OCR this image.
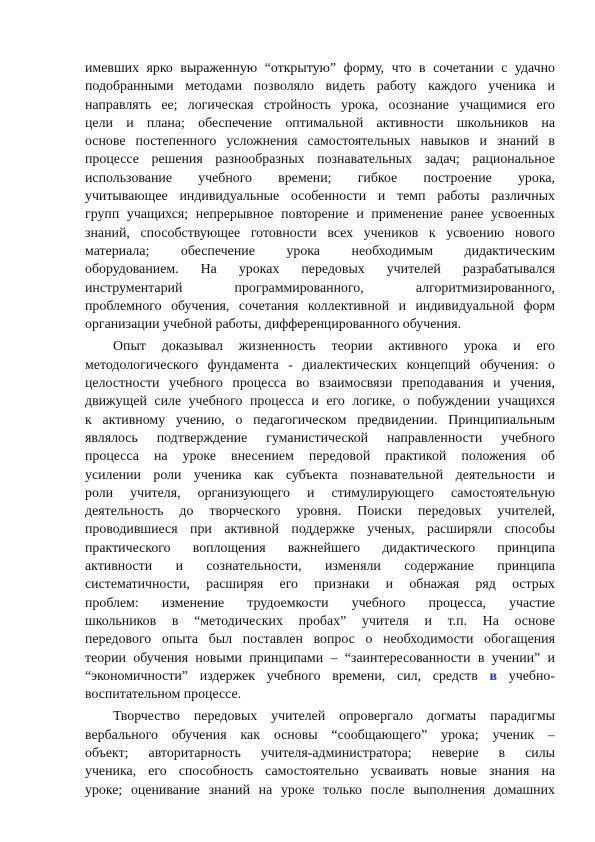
имевших ярко выраженную “открытую” форму, что в сочетании с удачно
подобранными методами позволяло видеть работу каждого ученика и
направлять ее; логическая стройность урока, осознание учащимися его
цели и плана; обеспечение оптимальной активности школьников на
основе постепенного усложнения самостоятельных навыков и знаний в
процессе решения разнообразных познавательных задач; рациональное
использование учебного времени; гибкое построение урока,
учитывающее индивидуальные особенности и темп работы различных
групп учащихся; непрерывное повторение и применение ранее усвоенных
знаний, способствующее готовности всех учеников к усвоению нового
материала; обеспечение урока необходимым дидактическим
оборудованием. На уроках передовых учителей разрабатывался
инструментарий программированного, алгоритмизированного,
проблемного обучения, сочетания коллективной и индивидуальной форм
организации учебной работы, дифференцированного обучения.
Опыт доказывал жизненность теории активного урока и его
методологического фундамента - диалектических концепций обучения: о
целостности учебного процесса во взаимосвязи преподавания и учения,
движущей силе учебного процесса и его логике, о побуждении учащихся
к активному учению, о педагогическом предвидении. Принципиальным
являлось подтверждение гуманистической направленности учебного
процесса на уроке внесением передовой практикой положения об
усилении роли ученика как субъекта познавательной деятельности и
роли учителя, организующего и стимулирующего самостоятельную
деятельность до творческого уровня. Поиски передовых учителей,
проводившиеся при активной поддержке ученых, расширяли способы
практического воплощения важнейшего дидактического принципа
активности и сознательности, изменяли содержание принципа
систематичности, расширяя его признаки и обнажая ряд острых
проблем: изменение трудоемкости учебного процесса, участие
школьников в “методических пробах” учителя и т.п. На основе
передового опыта был поставлен вопрос о необходимости обогащения
теории обучения новыми принципами – “заинтересованности в учении” и
“экономичности” издержек учебного времени, сил, средств в учебно-
воспитательном процессе.
Творчество передовых учителей опровергало догматы парадигмы
вербального обучения как основы “сообщающего” урока; ученик –
объект; авторитарность учителя-администратора; неверие в силы
ученика, его способность самостоятельно усваивать новые знания на
уроке; оценивание знаний на уроке только после выполнения домашних
